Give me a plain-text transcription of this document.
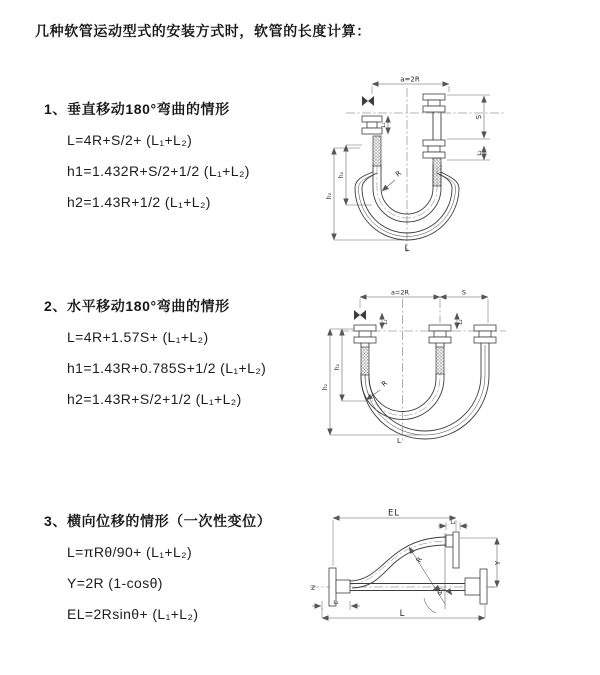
几种软管运动型式的安装方式时，软管的长度计算：
1、垂直移动180°弯曲的情形
L=4R+S/2+ (L₁+L₂)
h1=1.432R+S/2+1/2 (L₁+L₂)
h2=1.43R+1/2 (L₁+L₂)
2、水平移动180°弯曲的情形
L=4R+1.57S+ (L₁+L₂)
h1=1.43R+0.785S+1/2 (L₁+L₂)
h2=1.43R+S/2+1/2 (L₁+L₂)
3、横向位移的情形（一次性变位）
L=πRθ/90+ (L₁+L₂)
Y=2R (1-cosθ)
EL=2Rsinθ+ (L₁+L₂)
a=2R
L₁
S
L₂
h₁
h₂
R
L
a=2R	S
L₁	L₂
h₁
h₂	R
L
EL
L₂
Y
R
θ
L₁
L
Z
